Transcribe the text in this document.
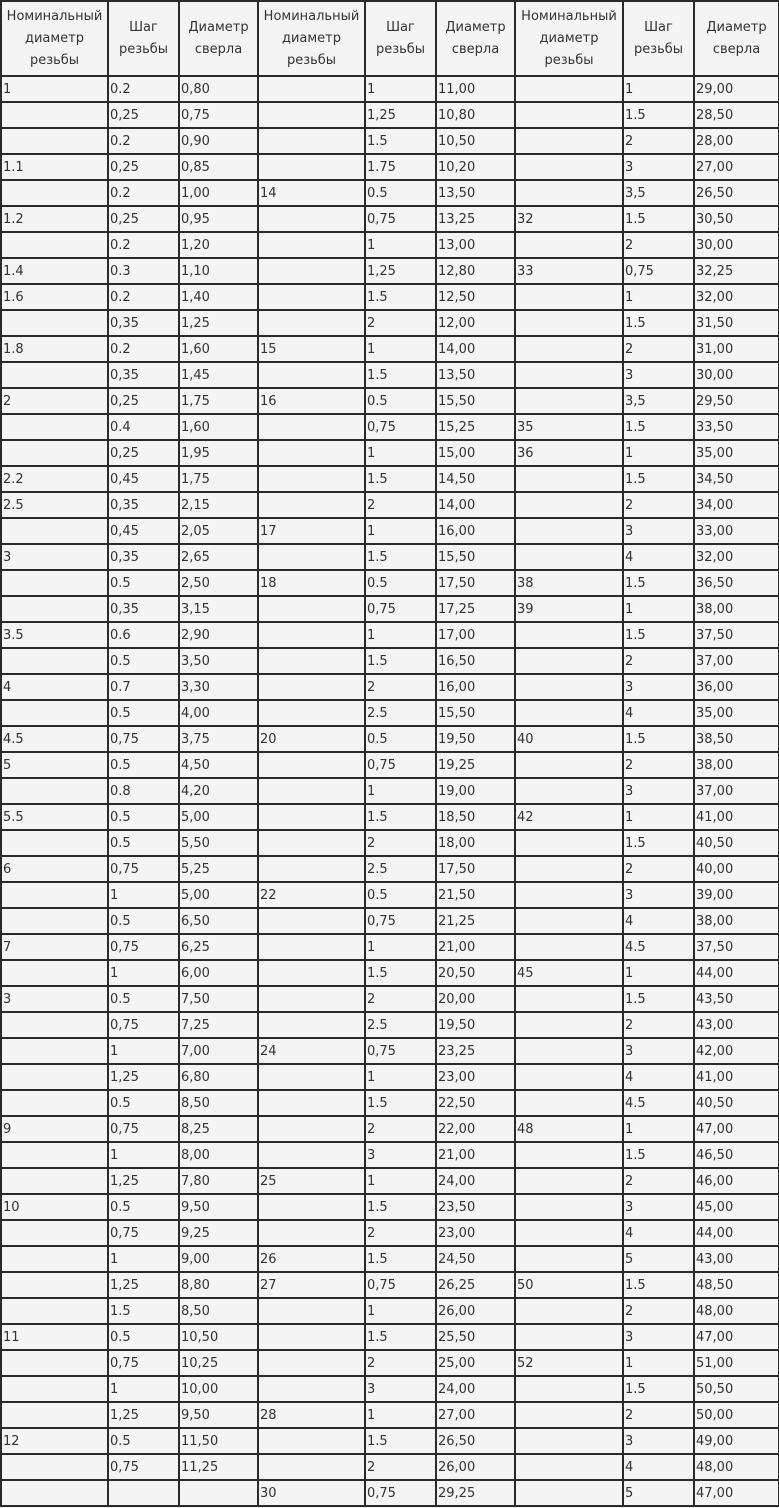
Номинальный диаметр резьбы	Шаг резьбы	Диаметр сверла	Номинальный диаметр резьбы	Шаг резьбы	Диаметр сверла	Номинальный диаметр резьбы	Шаг резьбы	Диаметр сверла
1	0.2	0,80		1	11,00		1	29,00
	0,25	0,75		1,25	10,80		1.5	28,50
	0.2	0,90		1.5	10,50		2	28,00
1.1	0,25	0,85		1.75	10,20		3	27,00
	0.2	1,00	14	0.5	13,50		3,5	26,50
1.2	0,25	0,95		0,75	13,25	32	1.5	30,50
	0.2	1,20		1	13,00		2	30,00
1.4	0.3	1,10		1,25	12,80	33	0,75	32,25
1.6	0.2	1,40		1.5	12,50		1	32,00
	0,35	1,25		2	12,00		1.5	31,50
1.8	0.2	1,60	15	1	14,00		2	31,00
	0,35	1,45		1.5	13,50		3	30,00
2	0,25	1,75	16	0.5	15,50		3,5	29,50
	0.4	1,60		0,75	15,25	35	1.5	33,50
	0,25	1,95		1	15,00	36	1	35,00
2.2	0,45	1,75		1.5	14,50		1.5	34,50
2.5	0,35	2,15		2	14,00		2	34,00
	0,45	2,05	17	1	16,00		3	33,00
3	0,35	2,65		1.5	15,50		4	32,00
	0.5	2,50	18	0.5	17,50	38	1.5	36,50
	0,35	3,15		0,75	17,25	39	1	38,00
3.5	0.6	2,90		1	17,00		1.5	37,50
	0.5	3,50		1.5	16,50		2	37,00
4	0.7	3,30		2	16,00		3	36,00
	0.5	4,00		2.5	15,50		4	35,00
4.5	0,75	3,75	20	0.5	19,50	40	1.5	38,50
5	0.5	4,50		0,75	19,25		2	38,00
	0.8	4,20		1	19,00		3	37,00
5.5	0.5	5,00		1.5	18,50	42	1	41,00
	0.5	5,50		2	18,00		1.5	40,50
6	0,75	5,25		2.5	17,50		2	40,00
	1	5,00	22	0.5	21,50		3	39,00
	0.5	6,50		0,75	21,25		4	38,00
7	0,75	6,25		1	21,00		4.5	37,50
	1	6,00		1.5	20,50	45	1	44,00
3	0.5	7,50		2	20,00		1.5	43,50
	0,75	7,25		2.5	19,50		2	43,00
	1	7,00	24	0,75	23,25		3	42,00
	1,25	6,80		1	23,00		4	41,00
	0.5	8,50		1.5	22,50		4.5	40,50
9	0,75	8,25		2	22,00	48	1	47,00
	1	8,00		3	21,00		1.5	46,50
	1,25	7,80	25	1	24,00		2	46,00
10	0.5	9,50		1.5	23,50		3	45,00
	0,75	9,25		2	23,00		4	44,00
	1	9,00	26	1.5	24,50		5	43,00
	1,25	8,80	27	0,75	26,25	50	1.5	48,50
	1.5	8,50		1	26,00		2	48,00
11	0.5	10,50		1.5	25,50		3	47,00
	0,75	10,25		2	25,00	52	1	51,00
	1	10,00		3	24,00		1.5	50,50
	1,25	9,50	28	1	27,00		2	50,00
12	0.5	11,50		1.5	26,50		3	49,00
	0,75	11,25		2	26,00		4	48,00
			30	0,75	29,25		5	47,00
